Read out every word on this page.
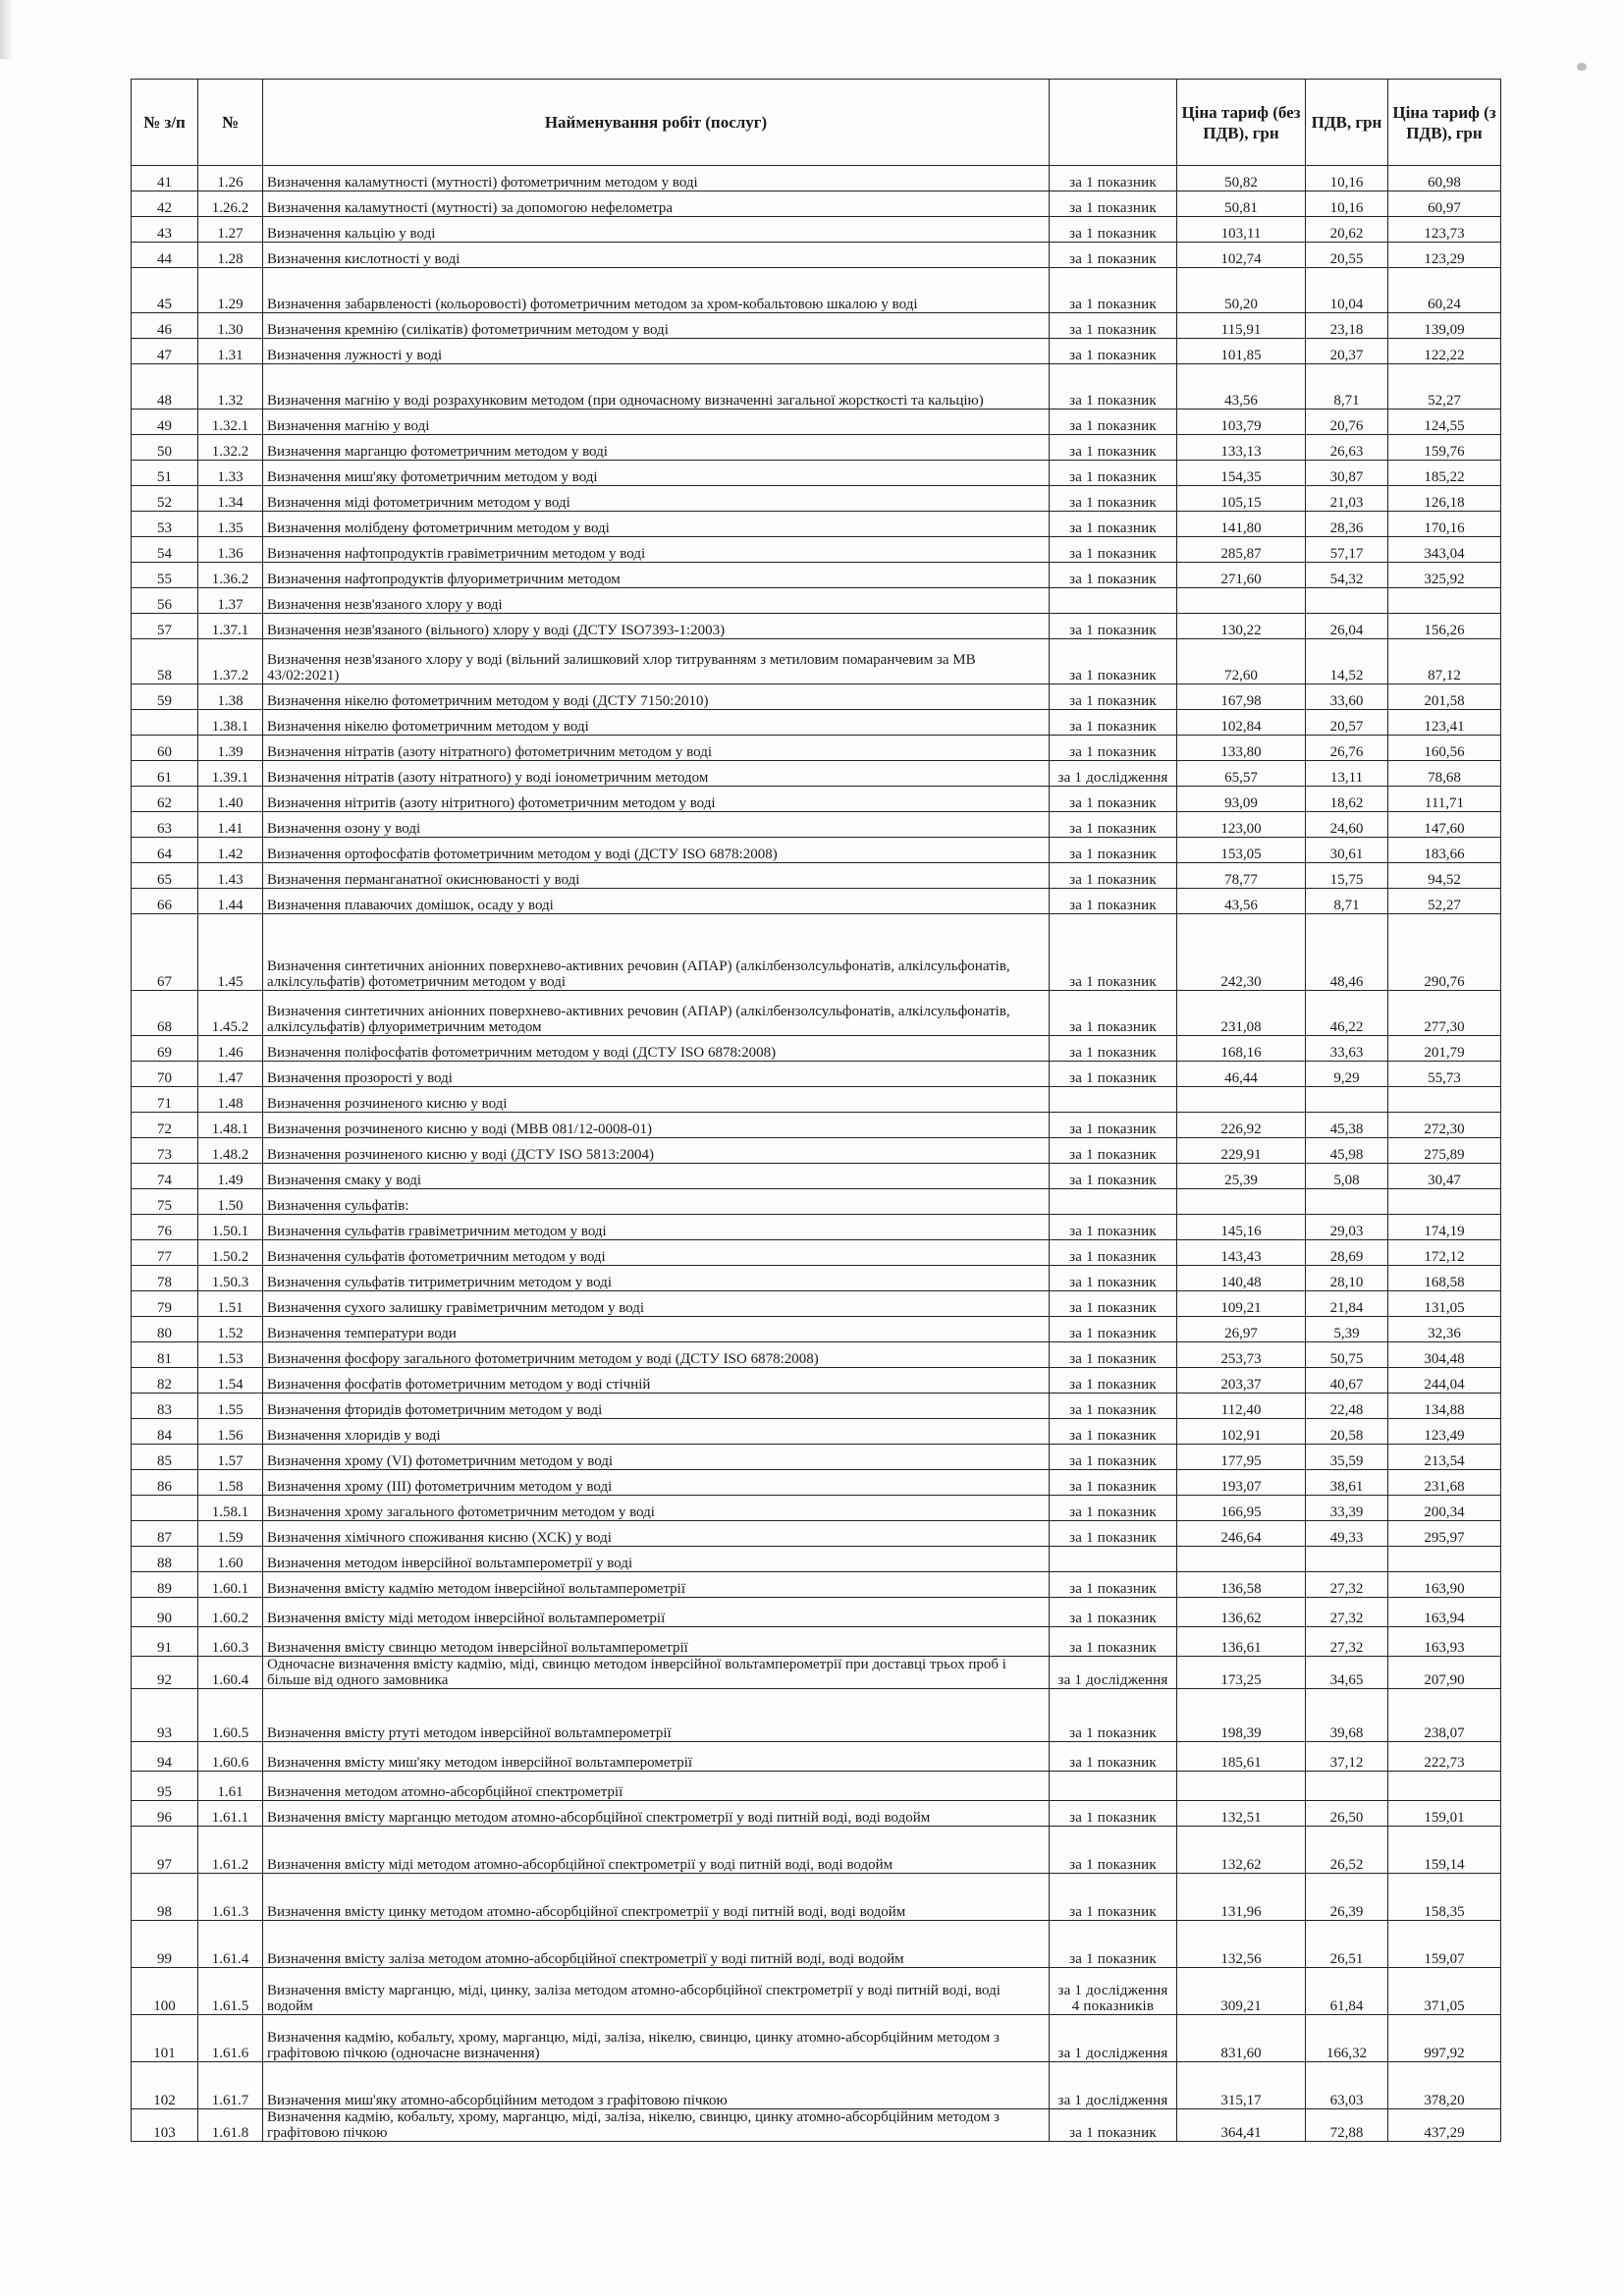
№ з/п	№	Найменування робіт (послуг)		Ціна тариф (без ПДВ), грн	ПДВ, грн	Ціна тариф (з ПДВ), грн
41	1.26	Визначення каламутності (мутності) фотометричним методом у воді	за 1 показник	50,82	10,16	60,98
42	1.26.2	Визначення каламутності (мутності) за допомогою нефелометра	за 1 показник	50,81	10,16	60,97
43	1.27	Визначення кальцію у воді	за 1 показник	103,11	20,62	123,73
44	1.28	Визначення кислотності у воді	за 1 показник	102,74	20,55	123,29
45	1.29	Визначення забарвленості (кольоровості) фотометричним методом за хром-кобальтовою шкалою у воді	за 1 показник	50,20	10,04	60,24
46	1.30	Визначення кремнію (силікатів) фотометричним методом у воді	за 1 показник	115,91	23,18	139,09
47	1.31	Визначення лужності у воді	за 1 показник	101,85	20,37	122,22
48	1.32	Визначення магнію у воді розрахунковим методом (при одночасному визначенні загальної жорсткості та кальцію)	за 1 показник	43,56	8,71	52,27
49	1.32.1	Визначення магнію у воді	за 1 показник	103,79	20,76	124,55
50	1.32.2	Визначення марганцю фотометричним методом у воді	за 1 показник	133,13	26,63	159,76
51	1.33	Визначення миш'яку фотометричним методом у воді	за 1 показник	154,35	30,87	185,22
52	1.34	Визначення міді фотометричним методом у воді	за 1 показник	105,15	21,03	126,18
53	1.35	Визначення молібдену фотометричним методом у воді	за 1 показник	141,80	28,36	170,16
54	1.36	Визначення нафтопродуктів гравіметричним методом у воді	за 1 показник	285,87	57,17	343,04
55	1.36.2	Визначення нафтопродуктів флуориметричним методом	за 1 показник	271,60	54,32	325,92
56	1.37	Визначення незв'язаного хлору у воді				
57	1.37.1	Визначення незв'язаного (вільного) хлору у воді (ДСТУ ISO7393-1:2003)	за 1 показник	130,22	26,04	156,26
58	1.37.2	Визначення незв'язаного хлору у воді (вільний залишковий хлор титруванням з метиловим помаранчевим за МВ 43/02:2021)	за 1 показник	72,60	14,52	87,12
59	1.38	Визначення нікелю фотометричним методом у воді (ДСТУ 7150:2010)	за 1 показник	167,98	33,60	201,58
	1.38.1	Визначення нікелю фотометричним методом у воді	за 1 показник	102,84	20,57	123,41
60	1.39	Визначення нітратів (азоту нітратного) фотометричним методом у воді	за 1 показник	133,80	26,76	160,56
61	1.39.1	Визначення нітратів (азоту нітратного) у воді іонометричним методом	за 1 дослідження	65,57	13,11	78,68
62	1.40	Визначення нітритів (азоту нітритного) фотометричним методом у воді	за 1 показник	93,09	18,62	111,71
63	1.41	Визначення озону у воді	за 1 показник	123,00	24,60	147,60
64	1.42	Визначення ортофосфатів фотометричним методом у воді (ДСТУ ISO 6878:2008)	за 1 показник	153,05	30,61	183,66
65	1.43	Визначення перманганатної окиснюваності у воді	за 1 показник	78,77	15,75	94,52
66	1.44	Визначення плаваючих домішок, осаду у воді	за 1 показник	43,56	8,71	52,27
67	1.45	Визначення синтетичних аніонних поверхнево-активних речовин (АПАР) (алкілбензолсульфонатів, алкілсульфонатів, алкілсульфатів) фотометричним методом у воді	за 1 показник	242,30	48,46	290,76
68	1.45.2	Визначення синтетичних аніонних поверхнево-активних речовин (АПАР) (алкілбензолсульфонатів, алкілсульфонатів, алкілсульфатів) флуориметричним методом	за 1 показник	231,08	46,22	277,30
69	1.46	Визначення поліфосфатів фотометричним методом у воді (ДСТУ ISO 6878:2008)	за 1 показник	168,16	33,63	201,79
70	1.47	Визначення прозорості у воді	за 1 показник	46,44	9,29	55,73
71	1.48	Визначення розчиненого кисню у воді				
72	1.48.1	Визначення розчиненого кисню у воді (МВВ 081/12-0008-01)	за 1 показник	226,92	45,38	272,30
73	1.48.2	Визначення розчиненого кисню у воді (ДСТУ ISO 5813:2004)	за 1 показник	229,91	45,98	275,89
74	1.49	Визначення смаку у воді	за 1 показник	25,39	5,08	30,47
75	1.50	Визначення сульфатів:				
76	1.50.1	Визначення сульфатів гравіметричним методом у воді	за 1 показник	145,16	29,03	174,19
77	1.50.2	Визначення сульфатів фотометричним методом у воді	за 1 показник	143,43	28,69	172,12
78	1.50.3	Визначення сульфатів титриметричним методом у воді	за 1 показник	140,48	28,10	168,58
79	1.51	Визначення сухого залишку гравіметричним методом у воді	за 1 показник	109,21	21,84	131,05
80	1.52	Визначення температури води	за 1 показник	26,97	5,39	32,36
81	1.53	Визначення фосфору загального фотометричним методом у воді (ДСТУ ISO 6878:2008)	за 1 показник	253,73	50,75	304,48
82	1.54	Визначення фосфатів фотометричним методом у воді стічній	за 1 показник	203,37	40,67	244,04
83	1.55	Визначення фторидів фотометричним методом у воді	за 1 показник	112,40	22,48	134,88
84	1.56	Визначення хлоридів у воді	за 1 показник	102,91	20,58	123,49
85	1.57	Визначення хрому (VI) фотометричним методом у воді	за 1 показник	177,95	35,59	213,54
86	1.58	Визначення хрому (III) фотометричним методом у воді	за 1 показник	193,07	38,61	231,68
	1.58.1	Визначення хрому загального фотометричним методом у воді	за 1 показник	166,95	33,39	200,34
87	1.59	Визначення хімічного споживання кисню (ХСК) у воді	за 1 показник	246,64	49,33	295,97
88	1.60	Визначення методом інверсійної вольтамперометрії у воді				
89	1.60.1	Визначення вмісту кадмію методом інверсійної вольтамперометрії	за 1 показник	136,58	27,32	163,90
90	1.60.2	Визначення вмісту міді методом інверсійної вольтамперометрії	за 1 показник	136,62	27,32	163,94
91	1.60.3	Визначення вмісту свинцю методом інверсійної вольтамперометрії	за 1 показник	136,61	27,32	163,93
92	1.60.4	Одночасне визначення вмісту кадмію, міді, свинцю методом інверсійної вольтамперометрії при доставці трьох проб і більше від одного замовника	за 1 дослідження	173,25	34,65	207,90
93	1.60.5	Визначення вмісту ртуті методом інверсійної вольтамперометрії	за 1 показник	198,39	39,68	238,07
94	1.60.6	Визначення вмісту миш'яку методом інверсійної вольтамперометрії	за 1 показник	185,61	37,12	222,73
95	1.61	Визначення методом атомно-абсорбційної спектрометрії				
96	1.61.1	Визначення вмісту марганцю методом атомно-абсорбційної спектрометрії у воді питній воді, воді водойм	за 1 показник	132,51	26,50	159,01
97	1.61.2	Визначення вмісту міді методом атомно-абсорбційної спектрометрії у воді питній воді, воді водойм	за 1 показник	132,62	26,52	159,14
98	1.61.3	Визначення вмісту цинку методом атомно-абсорбційної спектрометрії у воді питній воді, воді водойм	за 1 показник	131,96	26,39	158,35
99	1.61.4	Визначення вмісту заліза методом атомно-абсорбційної спектрометрії у воді питній воді, воді водойм	за 1 показник	132,56	26,51	159,07
100	1.61.5	Визначення вмісту марганцю, міді, цинку, заліза методом атомно-абсорбційної спектрометрії у воді питній воді, воді водойм	за 1 дослідження 4 показників	309,21	61,84	371,05
101	1.61.6	Визначення кадмію, кобальту, хрому, марганцю, міді, заліза, нікелю, свинцю, цинку атомно-абсорбційним методом з графітовою пічкою (одночасне визначення)	за 1 дослідження	831,60	166,32	997,92
102	1.61.7	Визначення миш'яку атомно-абсорбційним методом з графітовою пічкою	за 1 дослідження	315,17	63,03	378,20
103	1.61.8	Визначення кадмію, кобальту, хрому, марганцю, міді, заліза, нікелю, свинцю, цинку атомно-абсорбційним методом з графітовою пічкою	за 1 показник	364,41	72,88	437,29
